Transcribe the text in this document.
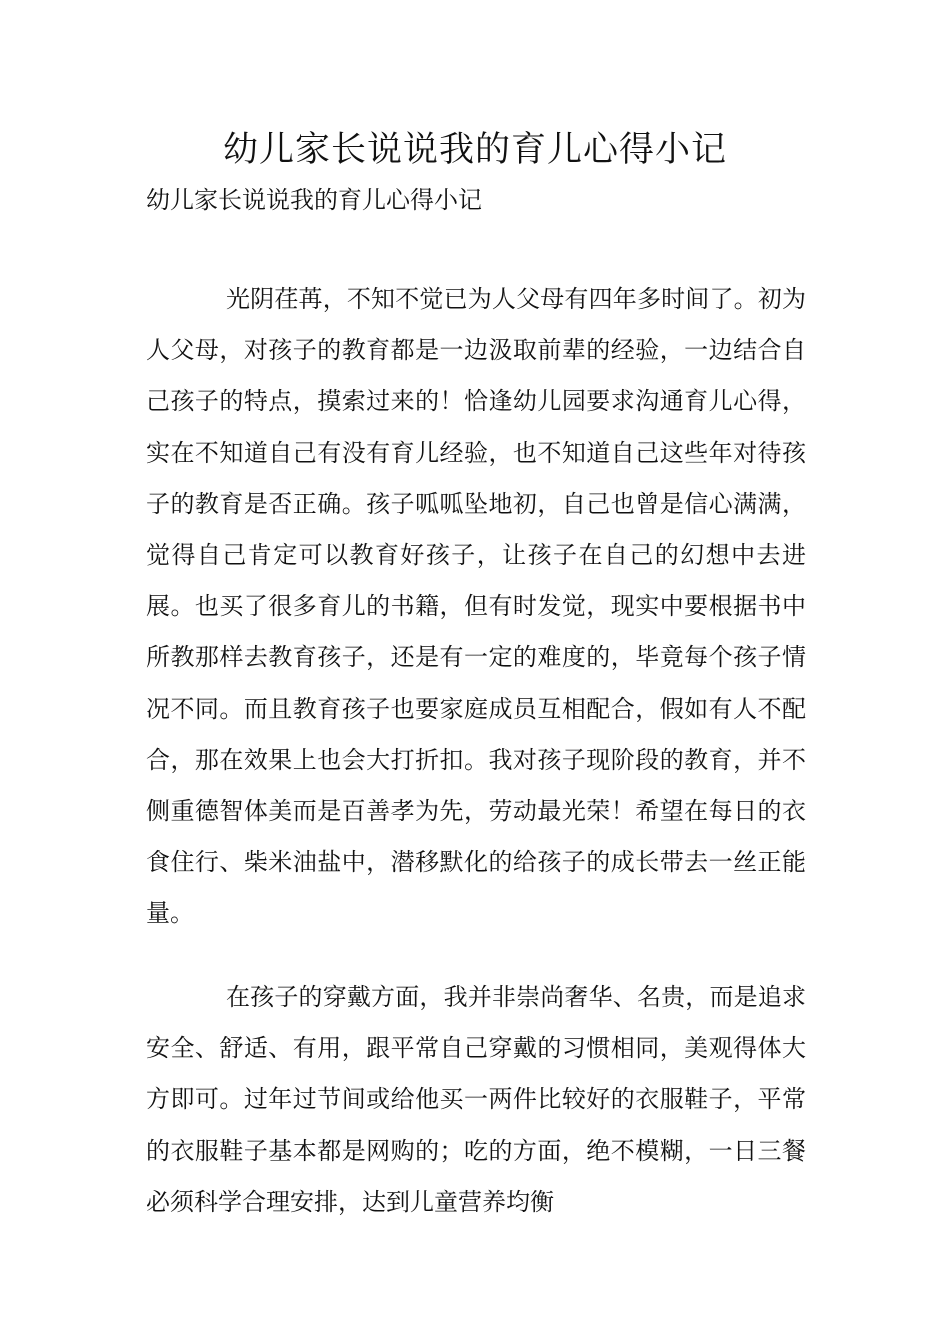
幼儿家长说说我的育儿心得小记

幼儿家长说说我的育儿心得小记

光阴荏苒，不知不觉已为人父母有四年多时间了。初为人父母，对孩子的教育都是一边汲取前辈的经验，一边结合自己孩子的特点，摸索过来的！恰逢幼儿园要求沟通育儿心得，实在不知道自己有没有育儿经验，也不知道自己这些年对待孩子的教育是否正确。孩子呱呱坠地初，自己也曾是信心满满，觉得自己肯定可以教育好孩子，让孩子在自己的幻想中去进展。也买了很多育儿的书籍，但有时发觉，现实中要根据书中所教那样去教育孩子，还是有一定的难度的，毕竟每个孩子情况不同。而且教育孩子也要家庭成员互相配合，假如有人不配合，那在效果上也会大打折扣。我对孩子现阶段的教育，并不侧重德智体美而是百善孝为先，劳动最光荣！希望在每日的衣食住行、柴米油盐中，潜移默化的给孩子的成长带去一丝正能量。

在孩子的穿戴方面，我并非崇尚奢华、名贵，而是追求安全、舒适、有用，跟平常自己穿戴的习惯相同，美观得体大方即可。过年过节间或给他买一两件比较好的衣服鞋子，平常的衣服鞋子基本都是网购的；吃的方面，绝不模糊，一日三餐必须科学合理安排，达到儿童营养均衡
